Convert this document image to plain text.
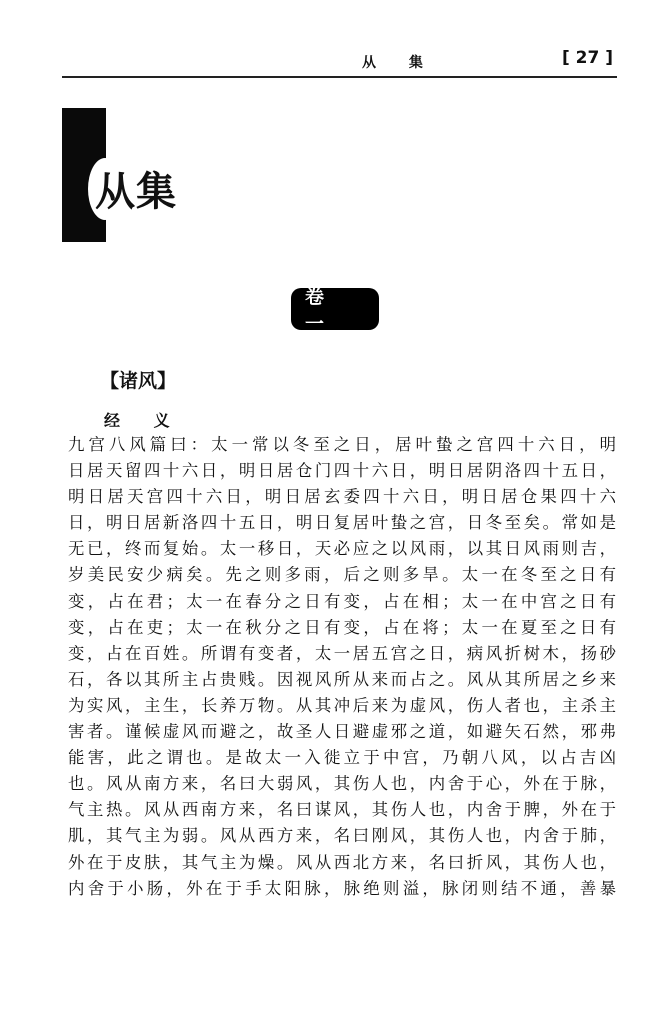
从 集	[ 27 ]
从集
卷 一
【诸风】
经 义
九宫八风篇曰：太一常以冬至之日，居叶蛰之宫四十六日，明
日居天留四十六日，明日居仓门四十六日，明日居阴洛四十五日，
明日居天宫四十六日，明日居玄委四十六日，明日居仓果四十六
日，明日居新洛四十五日，明日复居叶蛰之宫，日冬至矣。常如是
无已，终而复始。太一移日，天必应之以风雨，以其日风雨则吉，
岁美民安少病矣。先之则多雨，后之则多旱。太一在冬至之日有
变，占在君；太一在春分之日有变，占在相；太一在中宫之日有
变，占在吏；太一在秋分之日有变，占在将；太一在夏至之日有
变，占在百姓。所谓有变者，太一居五宫之日，病风折树木，扬砂
石，各以其所主占贵贱。因视风所从来而占之。风从其所居之乡来
为实风，主生，长养万物。从其冲后来为虚风，伤人者也，主杀主
害者。谨候虚风而避之，故圣人日避虚邪之道，如避矢石然，邪弗
能害，此之谓也。是故太一入徙立于中宫，乃朝八风，以占吉凶
也。风从南方来，名曰大弱风，其伤人也，内舍于心，外在于脉，
气主热。风从西南方来，名曰谋风，其伤人也，内舍于脾，外在于
肌，其气主为弱。风从西方来，名曰刚风，其伤人也，内舍于肺，
外在于皮肤，其气主为燥。风从西北方来，名曰折风，其伤人也，
内舍于小肠，外在于手太阳脉，脉绝则溢，脉闭则结不通，善暴
